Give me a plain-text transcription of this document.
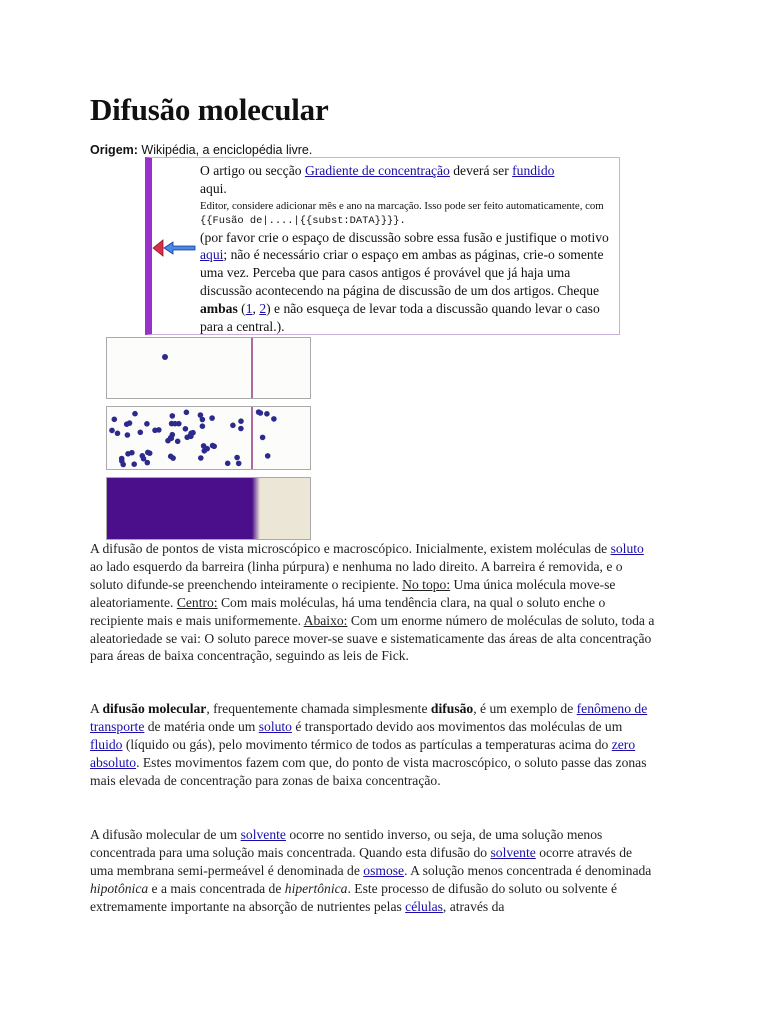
Difusão molecular
Origem: Wikipédia, a enciclopédia livre.
O artigo ou secção Gradiente de concentração deverá ser fundido
aqui.
Editor, considere adicionar mês e ano na marcação. Isso pode ser feito automaticamente, com {{Fusão de|....|{{subst:DATA}}}}.
(por favor crie o espaço de discussão sobre essa fusão e justifique o motivo aqui; não é necessário criar o espaço em ambas as páginas, crie-o somente uma vez. Perceba que para casos antigos é provável que já haja uma discussão acontecendo na página de discussão de um dos artigos. Cheque ambas (1, 2) e não esqueça de levar toda a discussão quando levar o caso para a central.).
A difusão de pontos de vista microscópico e macroscópico. Inicialmente, existem moléculas de soluto ao lado esquerdo da barreira (linha púrpura) e nenhuma no lado direito. A barreira é removida, e o soluto difunde-se preenchendo inteiramente o recipiente. No topo: Uma única molécula move-se aleatoriamente. Centro: Com mais moléculas, há uma tendência clara, na qual o soluto enche o recipiente mais e mais uniformemente. Abaixo: Com um enorme número de moléculas de soluto, toda a aleatoriedade se vai: O soluto parece mover-se suave e sistematicamente das áreas de alta concentração para áreas de baixa concentração, seguindo as leis de Fick.

A difusão molecular, frequentemente chamada simplesmente difusão, é um exemplo de fenômeno de transporte de matéria onde um soluto é transportado devido aos movimentos das moléculas de um fluido (líquido ou gás), pelo movimento térmico de todos as partículas a temperaturas acima do zero absoluto. Estes movimentos fazem com que, do ponto de vista macroscópico, o soluto passe das zonas mais elevada de concentração para zonas de baixa concentração.

A difusão molecular de um solvente ocorre no sentido inverso, ou seja, de uma solução menos concentrada para uma solução mais concentrada. Quando esta difusão do solvente ocorre através de uma membrana semi-permeável é denominada de osmose. A solução menos concentrada é denominada hipotônica e a mais concentrada de hipertônica. Este processo de difusão do soluto ou solvente é extremamente importante na absorção de nutrientes pelas células, através da
